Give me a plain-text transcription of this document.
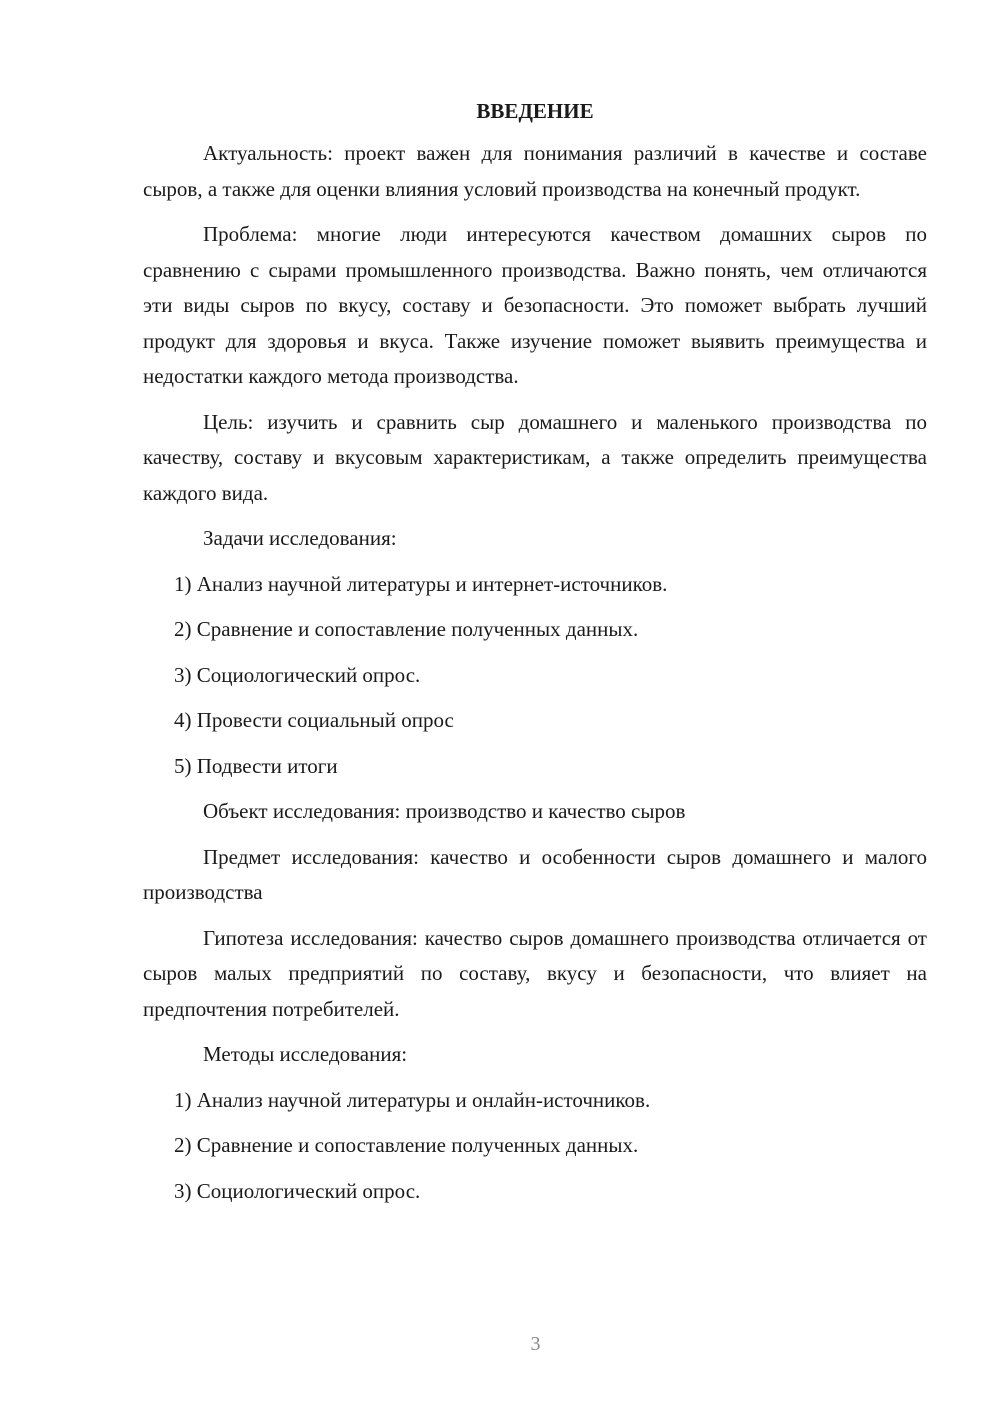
ВВЕДЕНИЕ

Актуальность: проект важен для понимания различий в качестве и составе сыров, а также для оценки влияния условий производства на конечный продукт.

Проблема: многие люди интересуются качеством домашних сыров по сравнению с сырами промышленного производства. Важно понять, чем отличаются эти виды сыров по вкусу, составу и безопасности. Это поможет выбрать лучший продукт для здоровья и вкуса. Также изучение поможет выявить преимущества и недостатки каждого метода производства.

Цель: изучить и сравнить сыр домашнего и маленького производства по качеству, составу и вкусовым характеристикам, а также определить преимущества каждого вида.

Задачи исследования:

1) Анализ научной литературы и интернет-источников.
2) Сравнение и сопоставление полученных данных.
3) Социологический опрос.
4) Провести социальный опрос
5) Подвести итоги

Объект исследования: производство и качество сыров

Предмет исследования: качество и особенности сыров домашнего и малого производства

Гипотеза исследования: качество сыров домашнего производства отличается от сыров малых предприятий по составу, вкусу и безопасности, что влияет на предпочтения потребителей.

Методы исследования:

1) Анализ научной литературы и онлайн-источников.
2) Сравнение и сопоставление полученных данных.
3) Социологический опрос.
3
